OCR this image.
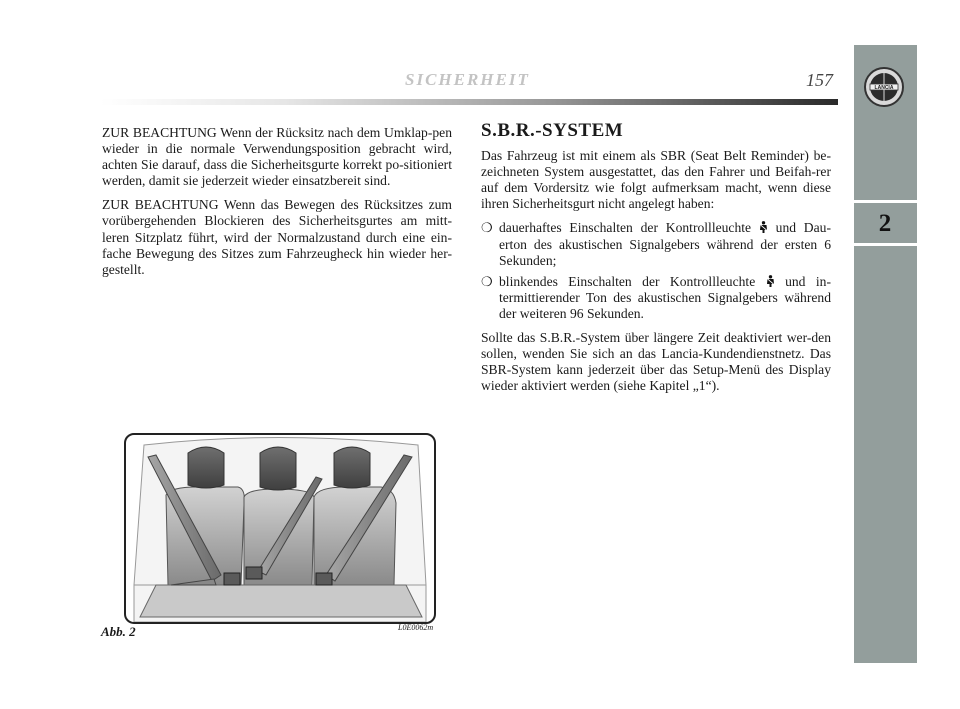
SICHERHEIT	157	LANCIA
2

ZUR BEACHTUNG Wenn der Rücksitz nach dem Umklap-pen wieder in die normale Verwendungsposition gebracht wird, achten Sie darauf, dass die Sicherheitsgurte korrekt po-sitioniert werden, damit sie jederzeit wieder einsatzbereit sind.

ZUR BEACHTUNG Wenn das Bewegen des Rücksitzes zum vorübergehenden Blockieren des Sicherheitsgurtes am mitt-leren Sitzplatz führt, wird der Normalzustand durch eine ein-fache Bewegung des Sitzes zum Fahrzeugheck hin wieder her-gestellt.

S.B.R.-SYSTEM

Das Fahrzeug ist mit einem als SBR (Seat Belt Reminder) be-zeichneten System ausgestattet, das den Fahrer und Beifah-rer auf dem Vordersitz wie folgt aufmerksam macht, wenn diese ihren Sicherheitsgurt nicht angelegt haben:

❍ dauerhaftes Einschalten der Kontrollleuchte und Dau-erton des akustischen Signalgebers während der ersten 6 Sekunden;
❍ blinkendes Einschalten der Kontrollleuchte und in-termittierender Ton des akustischen Signalgebers während der weiteren 96 Sekunden.

Sollte das S.B.R.-System über längere Zeit deaktiviert wer-den sollen, wenden Sie sich an das Lancia-Kundendienstnetz. Das SBR-System kann jederzeit über das Setup-Menü des Display wieder aktiviert werden (siehe Kapitel „1“).

Abb. 2	L0E0062m
